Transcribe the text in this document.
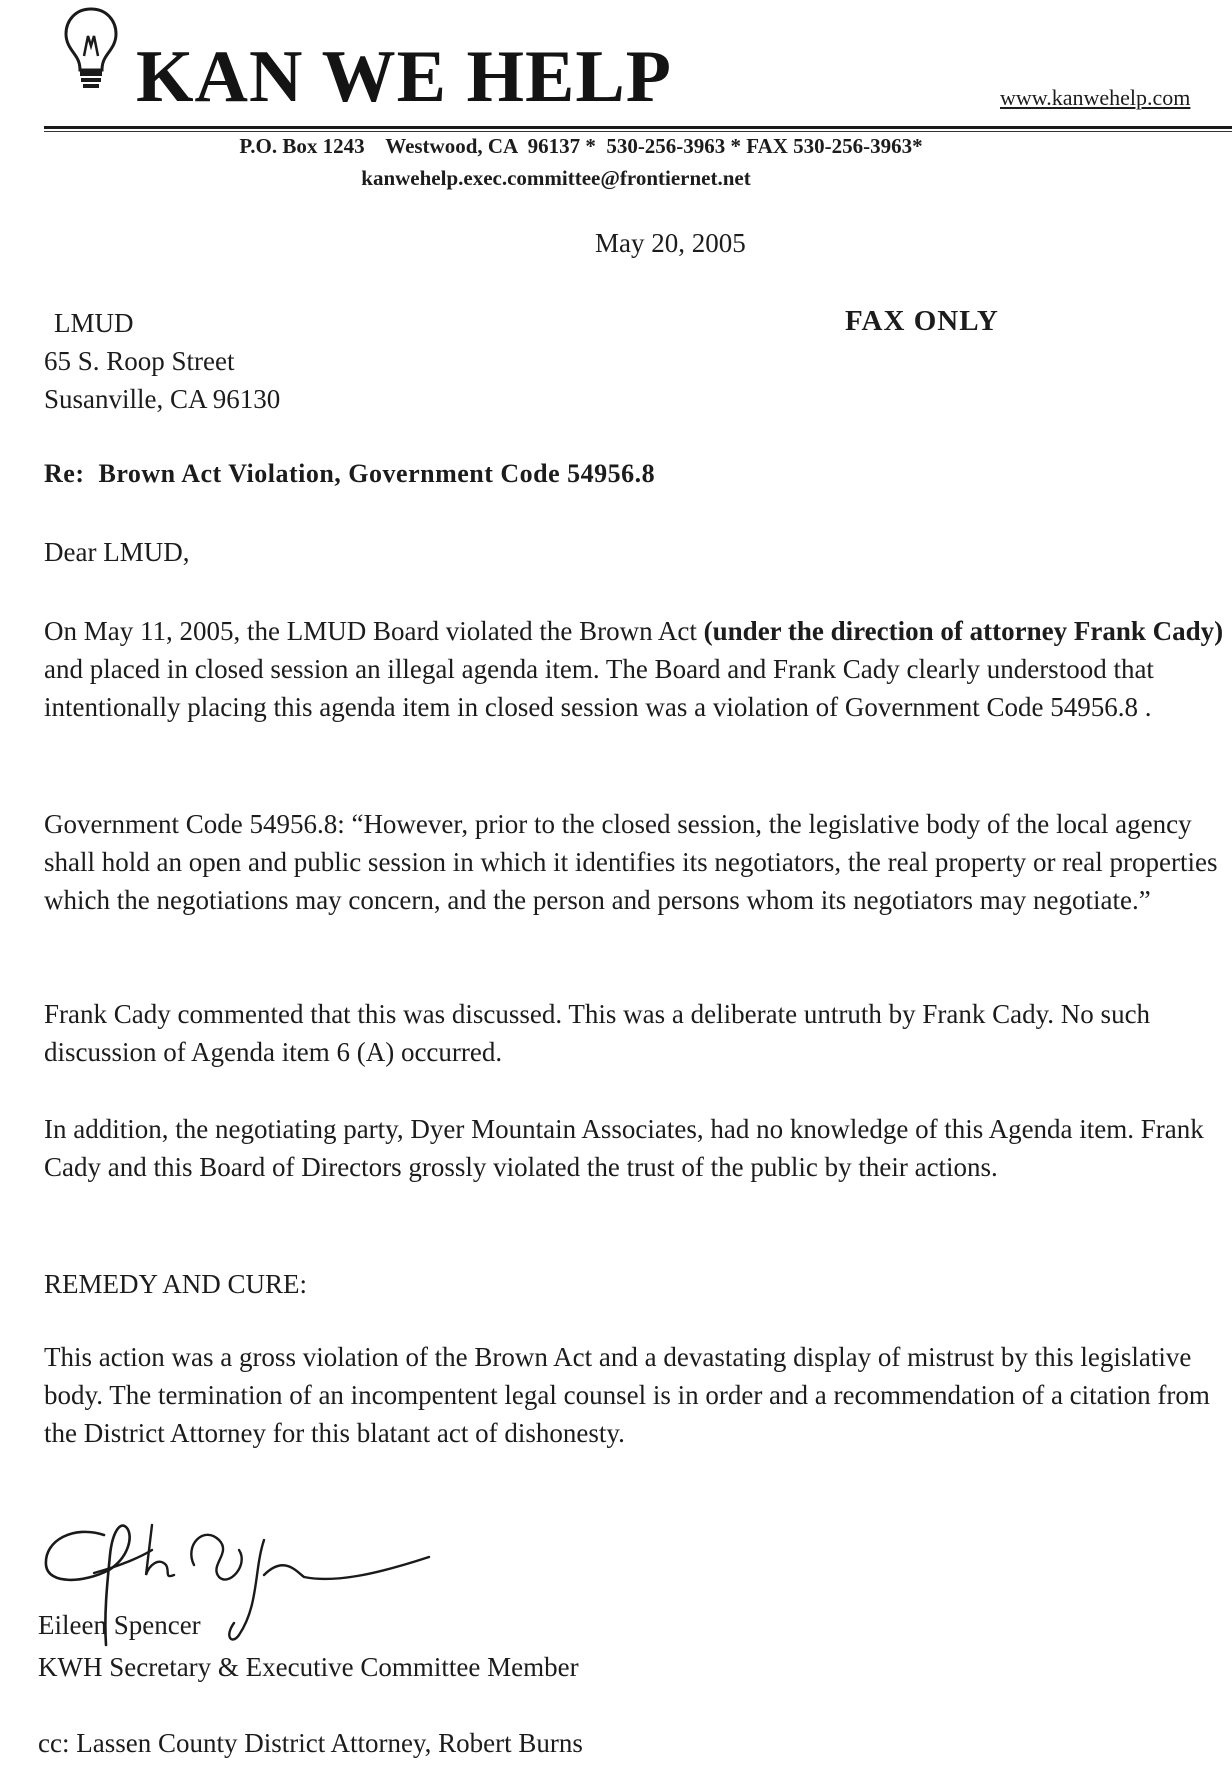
KAN WE HELP	www.kanwehelp.com
P.O. Box 1243    Westwood, CA  96137 *  530-256-3963 * FAX 530-256-3963*
kanwehelp.exec.committee@frontiernet.net
May 20, 2005
FAX ONLY
LMUD
65 S. Roop Street
Susanville, CA 96130
Re: Brown Act Violation, Government Code 54956.8
Dear LMUD,
On May 11, 2005, the LMUD Board violated the Brown Act (under the direction of attorney Frank Cady) and placed in closed session an illegal agenda item. The Board and Frank Cady clearly understood that intentionally placing this agenda item in closed session was a violation of Government Code 54956.8 .
Government Code 54956.8: “However, prior to the closed session, the legislative body of the local agency shall hold an open and public session in which it identifies its negotiators, the real property or real properties which the negotiations may concern, and the person and persons whom its negotiators may negotiate.”
Frank Cady commented that this was discussed. This was a deliberate untruth by Frank Cady. No such discussion of Agenda item 6 (A) occurred.
In addition, the negotiating party, Dyer Mountain Associates, had no knowledge of this Agenda item. Frank Cady and this Board of Directors grossly violated the trust of the public by their actions.
REMEDY AND CURE:
This action was a gross violation of the Brown Act and a devastating display of mistrust by this legislative body. The termination of an incompentent legal counsel is in order and a recommendation of a citation from the District Attorney for this blatant act of dishonesty.
Eileen Spencer
KWH Secretary & Executive Committee Member
cc: Lassen County District Attorney, Robert Burns
